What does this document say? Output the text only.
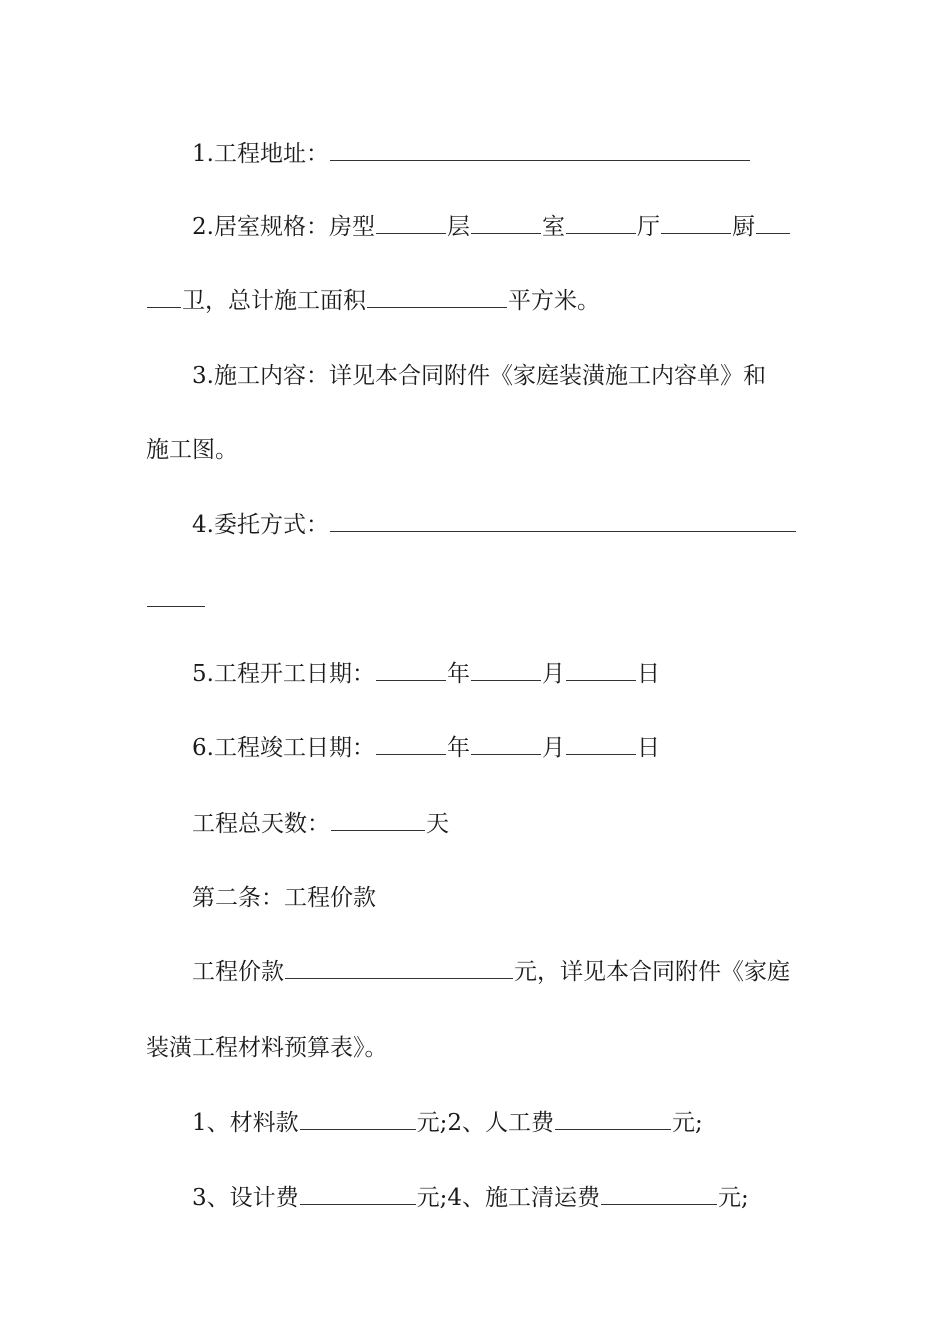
1.工程地址：
2.居室规格：房型	层	室	厅	厨
卫，总计施工面积	平方米。
3.施工内容：详见本合同附件《家庭装潢施工内容单》和
施工图。
4.委托方式：
5.工程开工日期：	年	月	日
6.工程竣工日期：	年	月	日
工程总天数：	天
第二条：工程价款
工程价款	元，详见本合同附件《家庭
装潢工程材料预算表》。
1、材料款	元;2、人工费	元;
3、设计费	元;4、施工清运费	元;
